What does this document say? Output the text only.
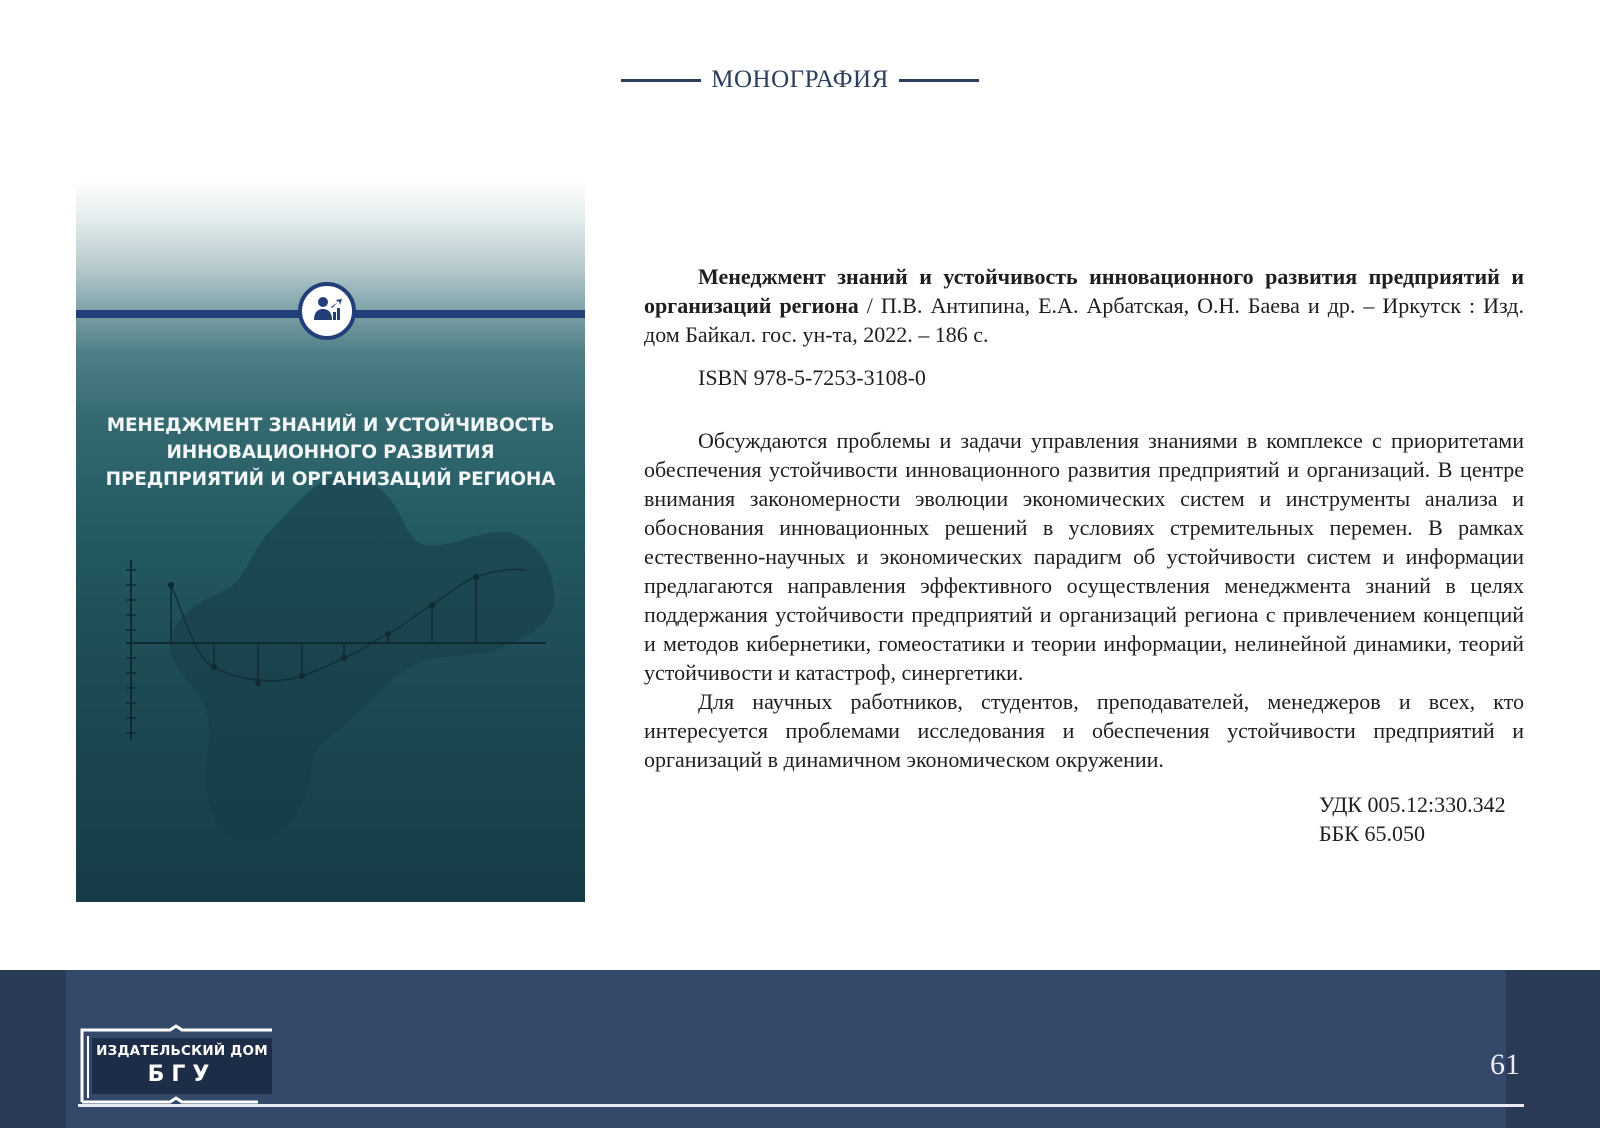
МОНОГРАФИЯ
МЕНЕДЖМЕНТ ЗНАНИЙ И УСТОЙЧИВОСТЬ
ИННОВАЦИОННОГО РАЗВИТИЯ
ПРЕДПРИЯТИЙ И ОРГАНИЗАЦИЙ РЕГИОНА

Менеджмент знаний и устойчивость инновационного развития предприятий и организаций региона / П.В. Антипина, Е.А. Арбатская, О.Н. Баева и др. – Иркутск : Изд. дом Байкал. гос. ун-та, 2022. – 186 с.

ISBN 978-5-7253-3108-0

Обсуждаются проблемы и задачи управления знаниями в комплексе с приоритетами обеспечения устойчивости инновационного развития предприятий и организаций. В центре внимания закономерности эволюции экономических систем и инструменты анализа и обоснования инновационных решений в условиях стремительных перемен. В рамках естественно-научных и экономических парадигм об устойчивости систем и информации предлагаются направления эффективного осуществления менеджмента знаний в целях поддержания устойчивости предприятий и организаций региона с привлечением концепций и методов кибернетики, гомеостатики и теории информации, нелинейной динамики, теорий устойчивости и катастроф, синергетики.

Для научных работников, студентов, преподавателей, менеджеров и всех, кто интересуется проблемами исследования и обеспечения устойчивости предприятий и организаций в динамичном экономическом окружении.

УДК 005.12:330.342
ББК 65.050
ИЗДАТЕЛЬСКИЙ ДОМ
БГУ	61
